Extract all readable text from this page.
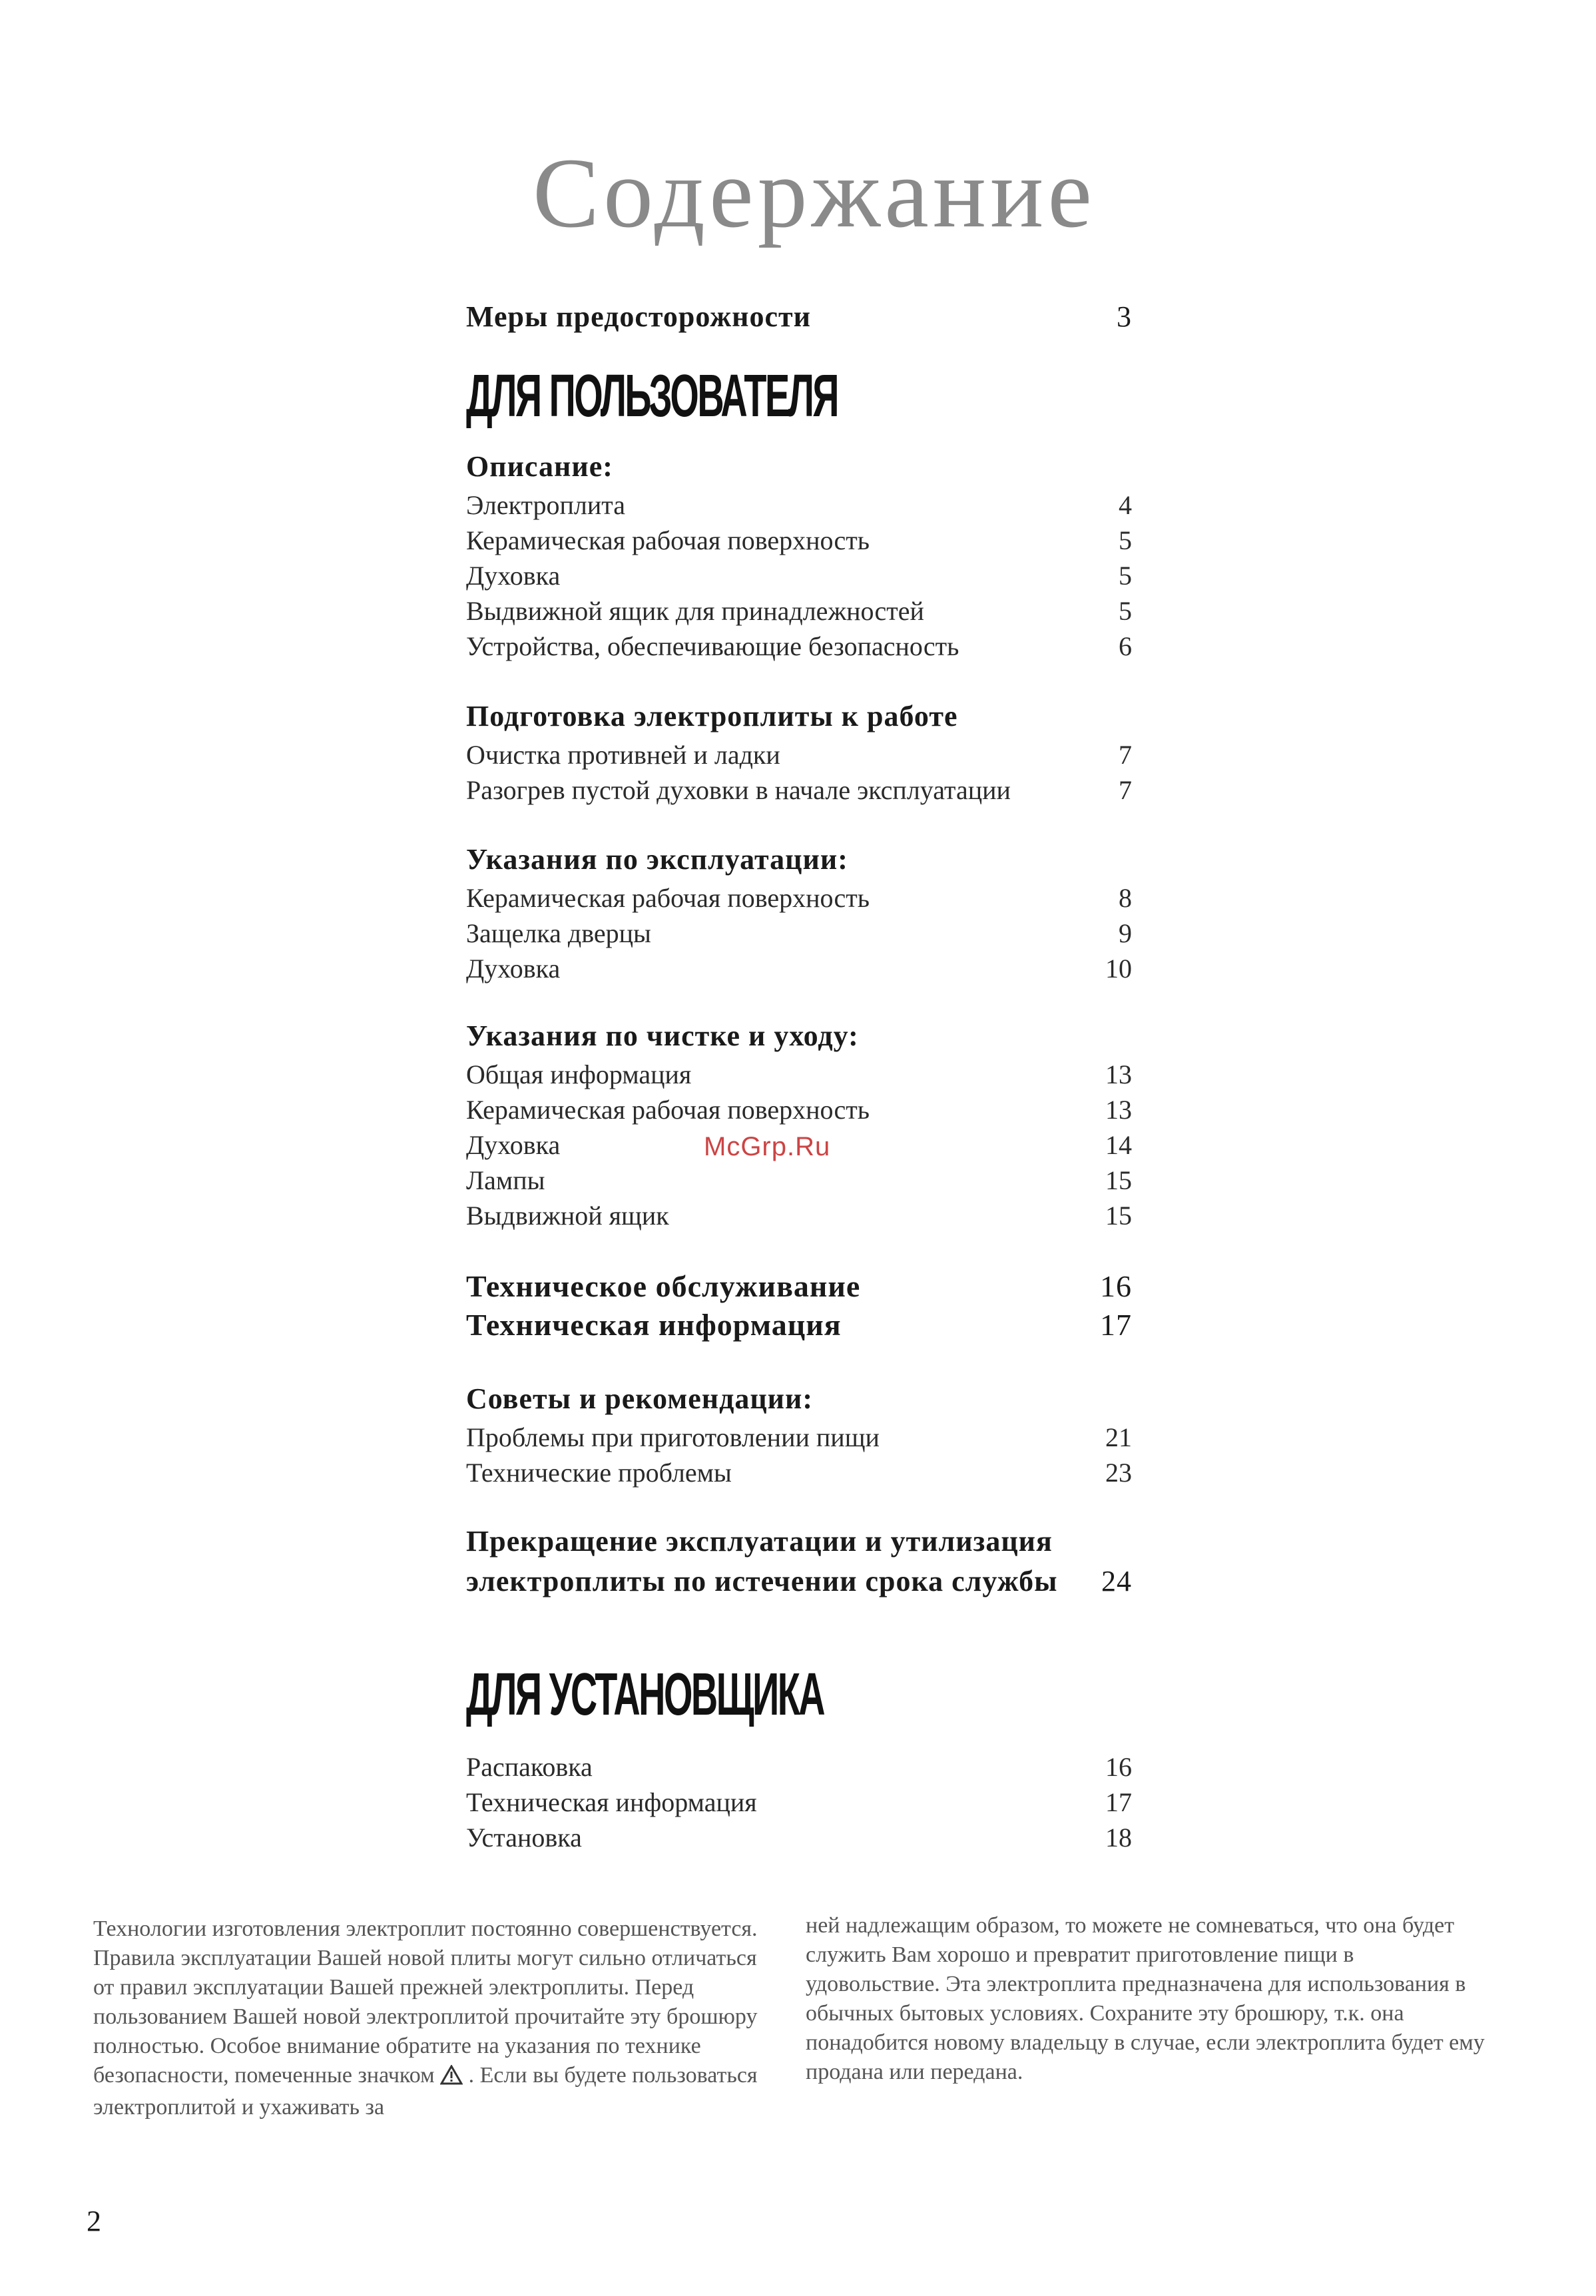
Содержание
Меры предосторожности	3
ДЛЯ ПОЛЬЗОВАТЕЛЯ
Описание:
Электроплита	4
Керамическая рабочая поверхность	5
Духовка	5
Выдвижной ящик для принадлежностей	5
Устройства, обеспечивающие безопасность	6
Подготовка электроплиты к работе
Очистка противней и ладки	7
Разогрев пустой духовки в начале эксплуатации	7
Указания по эксплуатации:
Керамическая рабочая поверхность	8
Защелка дверцы	9
Духовка	10
Указания по чистке и уходу:
Общая информация	13
Керамическая рабочая поверхность	13
Духовка	14
Лампы	15
Выдвижной ящик	15
Техническое обслуживание	16
Техническая информация	17
Советы и рекомендации:
Проблемы при приготовлении пищи	21
Технические проблемы	23
Прекращение эксплуатации и утилизация
электроплиты по истечении срока службы	24
ДЛЯ УСТАНОВЩИКА
Распаковка	16
Техническая информация	17
Установка	18
McGrp.Ru
Технологии изготовления электроплит постоянно совершенствуется. Правила эксплуатации Вашей новой плиты могут сильно отличаться от правил эксплуатации Вашей прежней электроплиты. Перед пользованием Вашей новой электроплитой прочитайте эту брошюру полностью. Особое внимание обратите на указания по технике безопасности, помеченные значком . Если вы будете пользоваться электроплитой и ухаживать за
ней надлежащим образом, то можете не сомневаться, что она будет служить Вам хорошо и превратит приготовление пищи в удовольствие. Эта электроплита предназначена для использования в обычных бытовых условиях. Сохраните эту брошюру, т.к. она понадобится новому владельцу в случае, если электроплита будет ему продана или передана.
2
